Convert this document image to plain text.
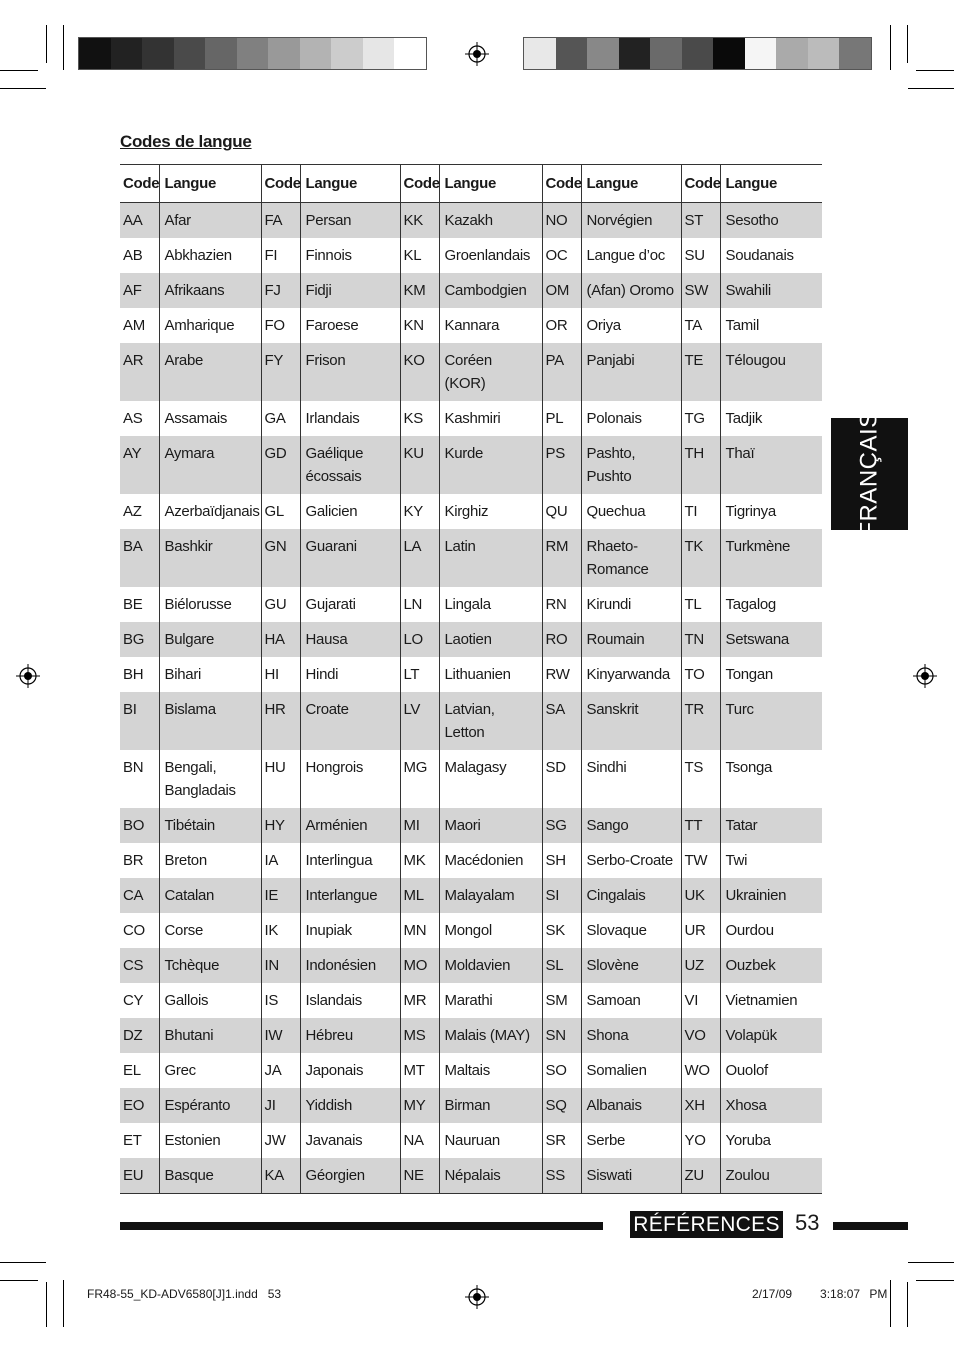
Codes de langue
Code	Langue	Code	Langue	Code	Langue	Code	Langue	Code	Langue
AA	Afar	FA	Persan	KK	Kazakh	NO	Norvégien	ST	Sesotho
AB	Abkhazien	FI	Finnois	KL	Groenlandais	OC	Langue d’oc	SU	Soudanais
AF	Afrikaans	FJ	Fidji	KM	Cambodgien	OM	(Afan) Oromo	SW	Swahili
AM	Amharique	FO	Faroese	KN	Kannara	OR	Oriya	TA	Tamil
AR	Arabe	FY	Frison	KO	Coréen (KOR)	PA	Panjabi	TE	Télougou
AS	Assamais	GA	Irlandais	KS	Kashmiri	PL	Polonais	TG	Tadjik
AY	Aymara	GD	Gaélique écossais	KU	Kurde	PS	Pashto, Pushto	TH	Thaï
AZ	Azerbaïdjanais	GL	Galicien	KY	Kirghiz	QU	Quechua	TI	Tigrinya
BA	Bashkir	GN	Guarani	LA	Latin	RM	Rhaeto-Romance	TK	Turkmène
BE	Biélorusse	GU	Gujarati	LN	Lingala	RN	Kirundi	TL	Tagalog
BG	Bulgare	HA	Hausa	LO	Laotien	RO	Roumain	TN	Setswana
BH	Bihari	HI	Hindi	LT	Lithuanien	RW	Kinyarwanda	TO	Tongan
BI	Bislama	HR	Croate	LV	Latvian, Letton	SA	Sanskrit	TR	Turc
BN	Bengali, Bangladais	HU	Hongrois	MG	Malagasy	SD	Sindhi	TS	Tsonga
BO	Tibétain	HY	Arménien	MI	Maori	SG	Sango	TT	Tatar
BR	Breton	IA	Interlingua	MK	Macédonien	SH	Serbo-Croate	TW	Twi
CA	Catalan	IE	Interlangue	ML	Malayalam	SI	Cingalais	UK	Ukrainien
CO	Corse	IK	Inupiak	MN	Mongol	SK	Slovaque	UR	Ourdou
CS	Tchèque	IN	Indonésien	MO	Moldavien	SL	Slovène	UZ	Ouzbek
CY	Gallois	IS	Islandais	MR	Marathi	SM	Samoan	VI	Vietnamien
DZ	Bhutani	IW	Hébreu	MS	Malais (MAY)	SN	Shona	VO	Volapük
EL	Grec	JA	Japonais	MT	Maltais	SO	Somalien	WO	Ouolof
EO	Espéranto	JI	Yiddish	MY	Birman	SQ	Albanais	XH	Xhosa
ET	Estonien	JW	Javanais	NA	Nauruan	SR	Serbe	YO	Yoruba
EU	Basque	KA	Géorgien	NE	Népalais	SS	Siswati	ZU	Zoulou
FRANÇAIS
RÉFÉRENCES 53
FR48-55_KD-ADV6580[J]1.indd   53	2/17/09   3:18:07 PM
